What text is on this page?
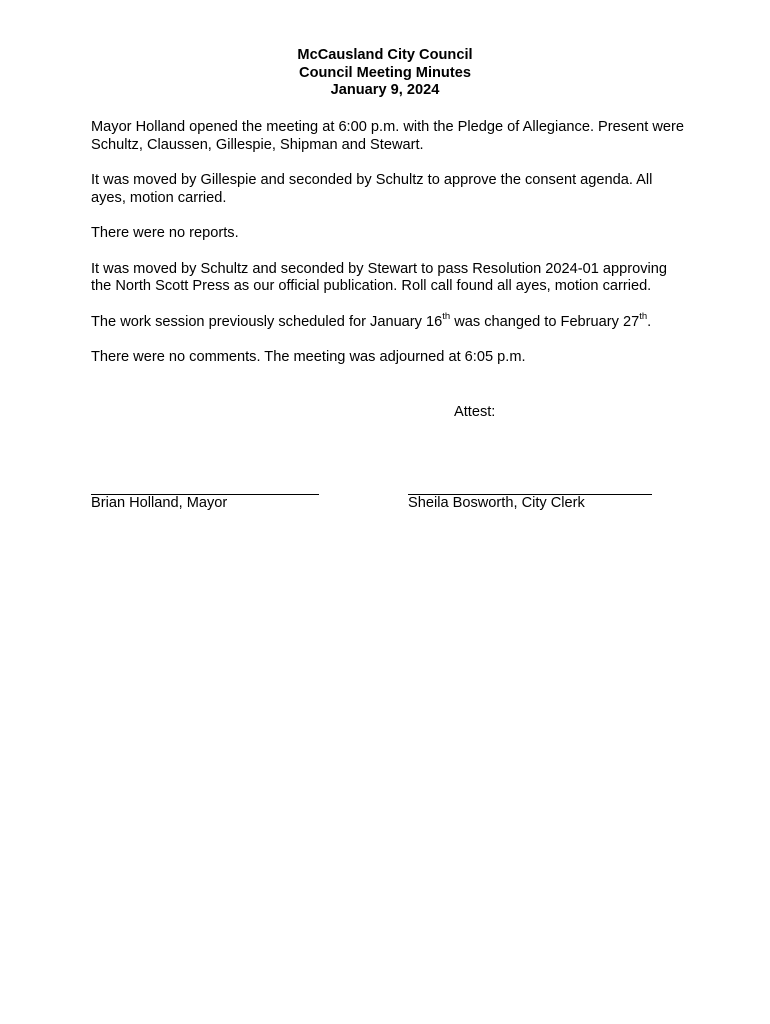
McCausland City Council
Council Meeting Minutes
January 9, 2024

Mayor Holland opened the meeting at 6:00 p.m. with the Pledge of Allegiance. Present were Schultz, Claussen, Gillespie, Shipman and Stewart.

It was moved by Gillespie and seconded by Schultz to approve the consent agenda. All ayes, motion carried.

There were no reports.

It was moved by Schultz and seconded by Stewart to pass Resolution 2024-01 approving the North Scott Press as our official publication. Roll call found all ayes, motion carried.

The work session previously scheduled for January 16th was changed to February 27th.

There were no comments. The meeting was adjourned at 6:05 p.m.

Attest:
Brian Holland, Mayor	Sheila Bosworth, City Clerk
